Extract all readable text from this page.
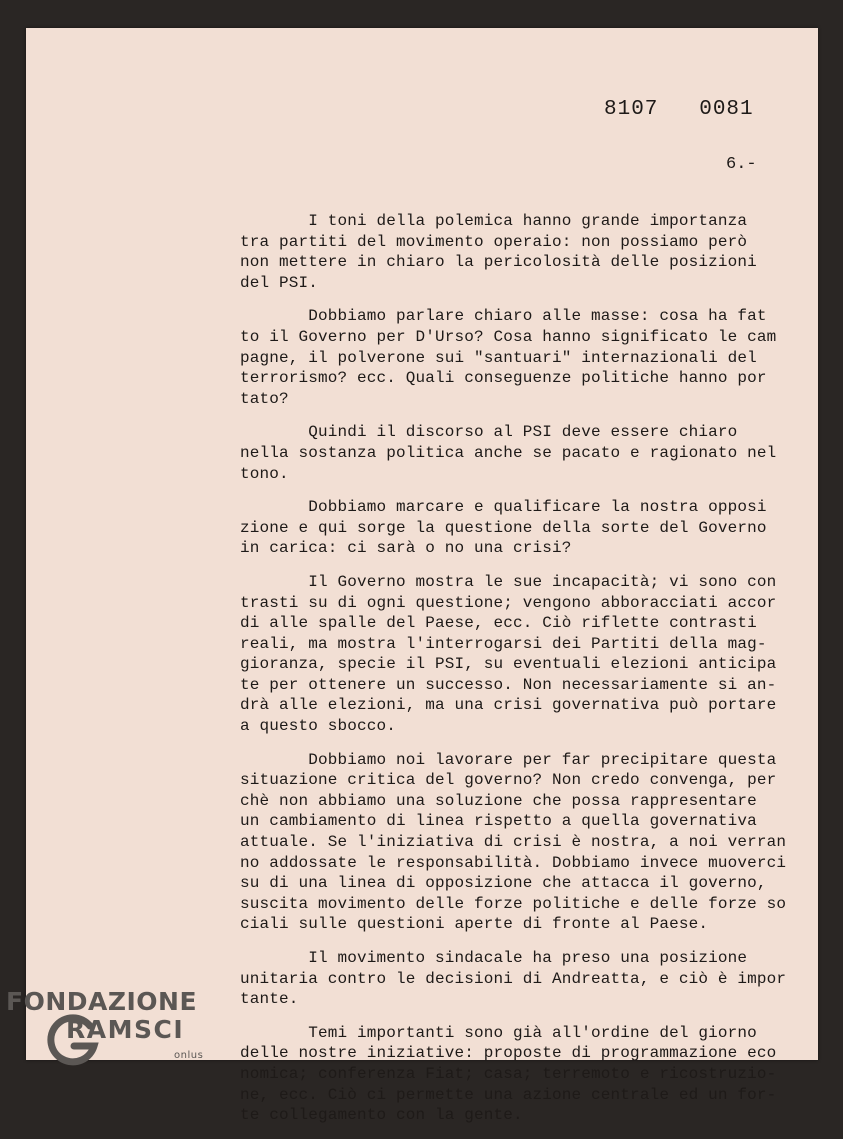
8107   0081

6.-

I toni della polemica hanno grande importanza
tra partiti del movimento operaio: non possiamo però
non mettere in chiaro la pericolosità delle posizioni
del PSI.

Dobbiamo parlare chiaro alle masse: cosa ha fat
to il Governo per D'Urso? Cosa hanno significato le cam
pagne, il polverone sui "santuari" internazionali del
terrorismo? ecc. Quali conseguenze politiche hanno por
tato?

Quindi il discorso al PSI deve essere chiaro
nella sostanza politica anche se pacato e ragionato nel
tono.

Dobbiamo marcare e qualificare la nostra opposi
zione e qui sorge la questione della sorte del Governo
in carica: ci sarà o no una crisi?

Il Governo mostra le sue incapacità; vi sono con
trasti su di ogni questione; vengono abboracciati accor
di alle spalle del Paese, ecc. Ciò riflette contrasti
reali, ma mostra l'interrogarsi dei Partiti della mag-
gioranza, specie il PSI, su eventuali elezioni anticipa
te per ottenere un successo. Non necessariamente si an-
drà alle elezioni, ma una crisi governativa può portare
a questo sbocco.

Dobbiamo noi lavorare per far precipitare questa
situazione critica del governo? Non credo convenga, per
chè non abbiamo una soluzione che possa rappresentare
un cambiamento di linea rispetto a quella governativa
attuale. Se l'iniziativa di crisi è nostra, a noi verran
no addossate le responsabilità. Dobbiamo invece muoverci
su di una linea di opposizione che attacca il governo,
suscita movimento delle forze politiche e delle forze so
ciali sulle questioni aperte di fronte al Paese.

Il movimento sindacale ha preso una posizione
unitaria contro le decisioni di Andreatta, e ciò è impor
tante.

Temi importanti sono già all'ordine del giorno
delle nostre iniziative: proposte di programmazione eco
nomica; conferenza Fiat; casa; terremoto e ricostruzio-
ne, ecc. Ciò ci permette una azione centrale ed un for-
te collegamento con la gente.

FONDAZIONE

RAMSCI

onlus
